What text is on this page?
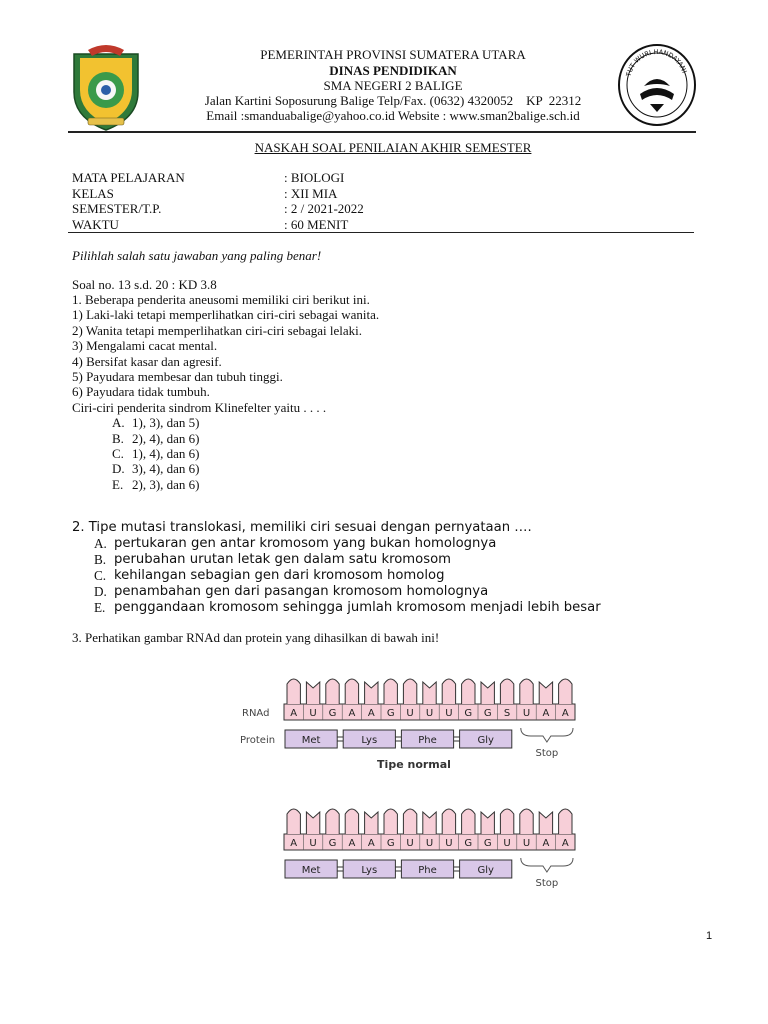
PEMERINTAH PROVINSI SUMATERA UTARA
DINAS PENDIDIKAN
SMA NEGERI 2 BALIGE
Jalan Kartini Soposurung Balige Telp/Fax. (0632) 4320052    KP  22312
Email :smanduabalige@yahoo.co.id Website : www.sman2balige.sch.id
TUT WURI HANDAYANI
NASKAH SOAL PENILAIAN AKHIR SEMESTER
MATA PELAJARAN	: BIOLOGI
KELAS	: XII MIA
SEMESTER/T.P.	: 2 / 2021-2022
WAKTU	: 60 MENIT
Pilihlah salah satu jawaban yang paling benar!
Soal no. 13 s.d. 20 : KD 3.8

1. Beberapa penderita aneusomi memiliki ciri berikut ini.

1) Laki-laki tetapi memperlihatkan ciri-ciri sebagai wanita.

2) Wanita tetapi memperlihatkan ciri-ciri sebagai lelaki.

3) Mengalami cacat mental.

4) Bersifat kasar dan agresif.

5) Payudara membesar dan tubuh tinggi.

6) Payudara tidak tumbuh.

Ciri-ciri penderita sindrom Klinefelter yaitu . . . .

A. 1), 3), dan 5)
B. 2), 4), dan 6)
C. 1), 4), dan 6)
D. 3), 4), dan 6)
E. 2), 3), dan 6)
2. Tipe mutasi translokasi, memiliki ciri sesuai dengan pernyataan ….
A. pertukaran gen antar kromosom yang bukan homolognya
B. perubahan urutan letak gen dalam satu kromosom
C. kehilangan sebagian gen dari kromosom homolog
D. penambahan gen dari pasangan kromosom homolognya
E. penggandaan kromosom sehingga jumlah kromosom menjadi lebih besar
3. Perhatikan gambar RNAd dan protein yang dihasilkan di bawah ini!
RNAd A U G A A G U U U G G S U A A
Protein	Met	Lys	Phe	Gly
Stop
Tipe normal
A U G A A G U U U G G U U A A
Met	Lys	Phe	Gly
Stop
1
